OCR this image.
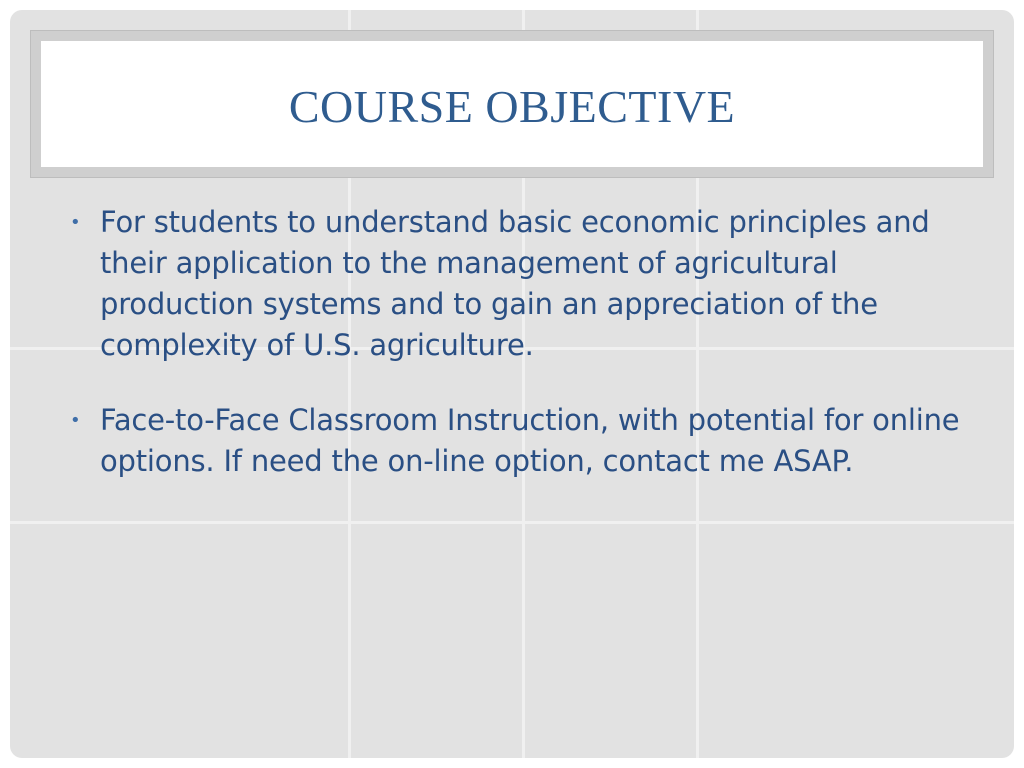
COURSE OBJECTIVE
• For students to understand basic economic principles and their application to the management of agricultural production systems and to gain an appreciation of the complexity of U.S. agriculture.
• Face-to-Face Classroom Instruction, with potential for online options. If need the on-line option, contact me ASAP.
